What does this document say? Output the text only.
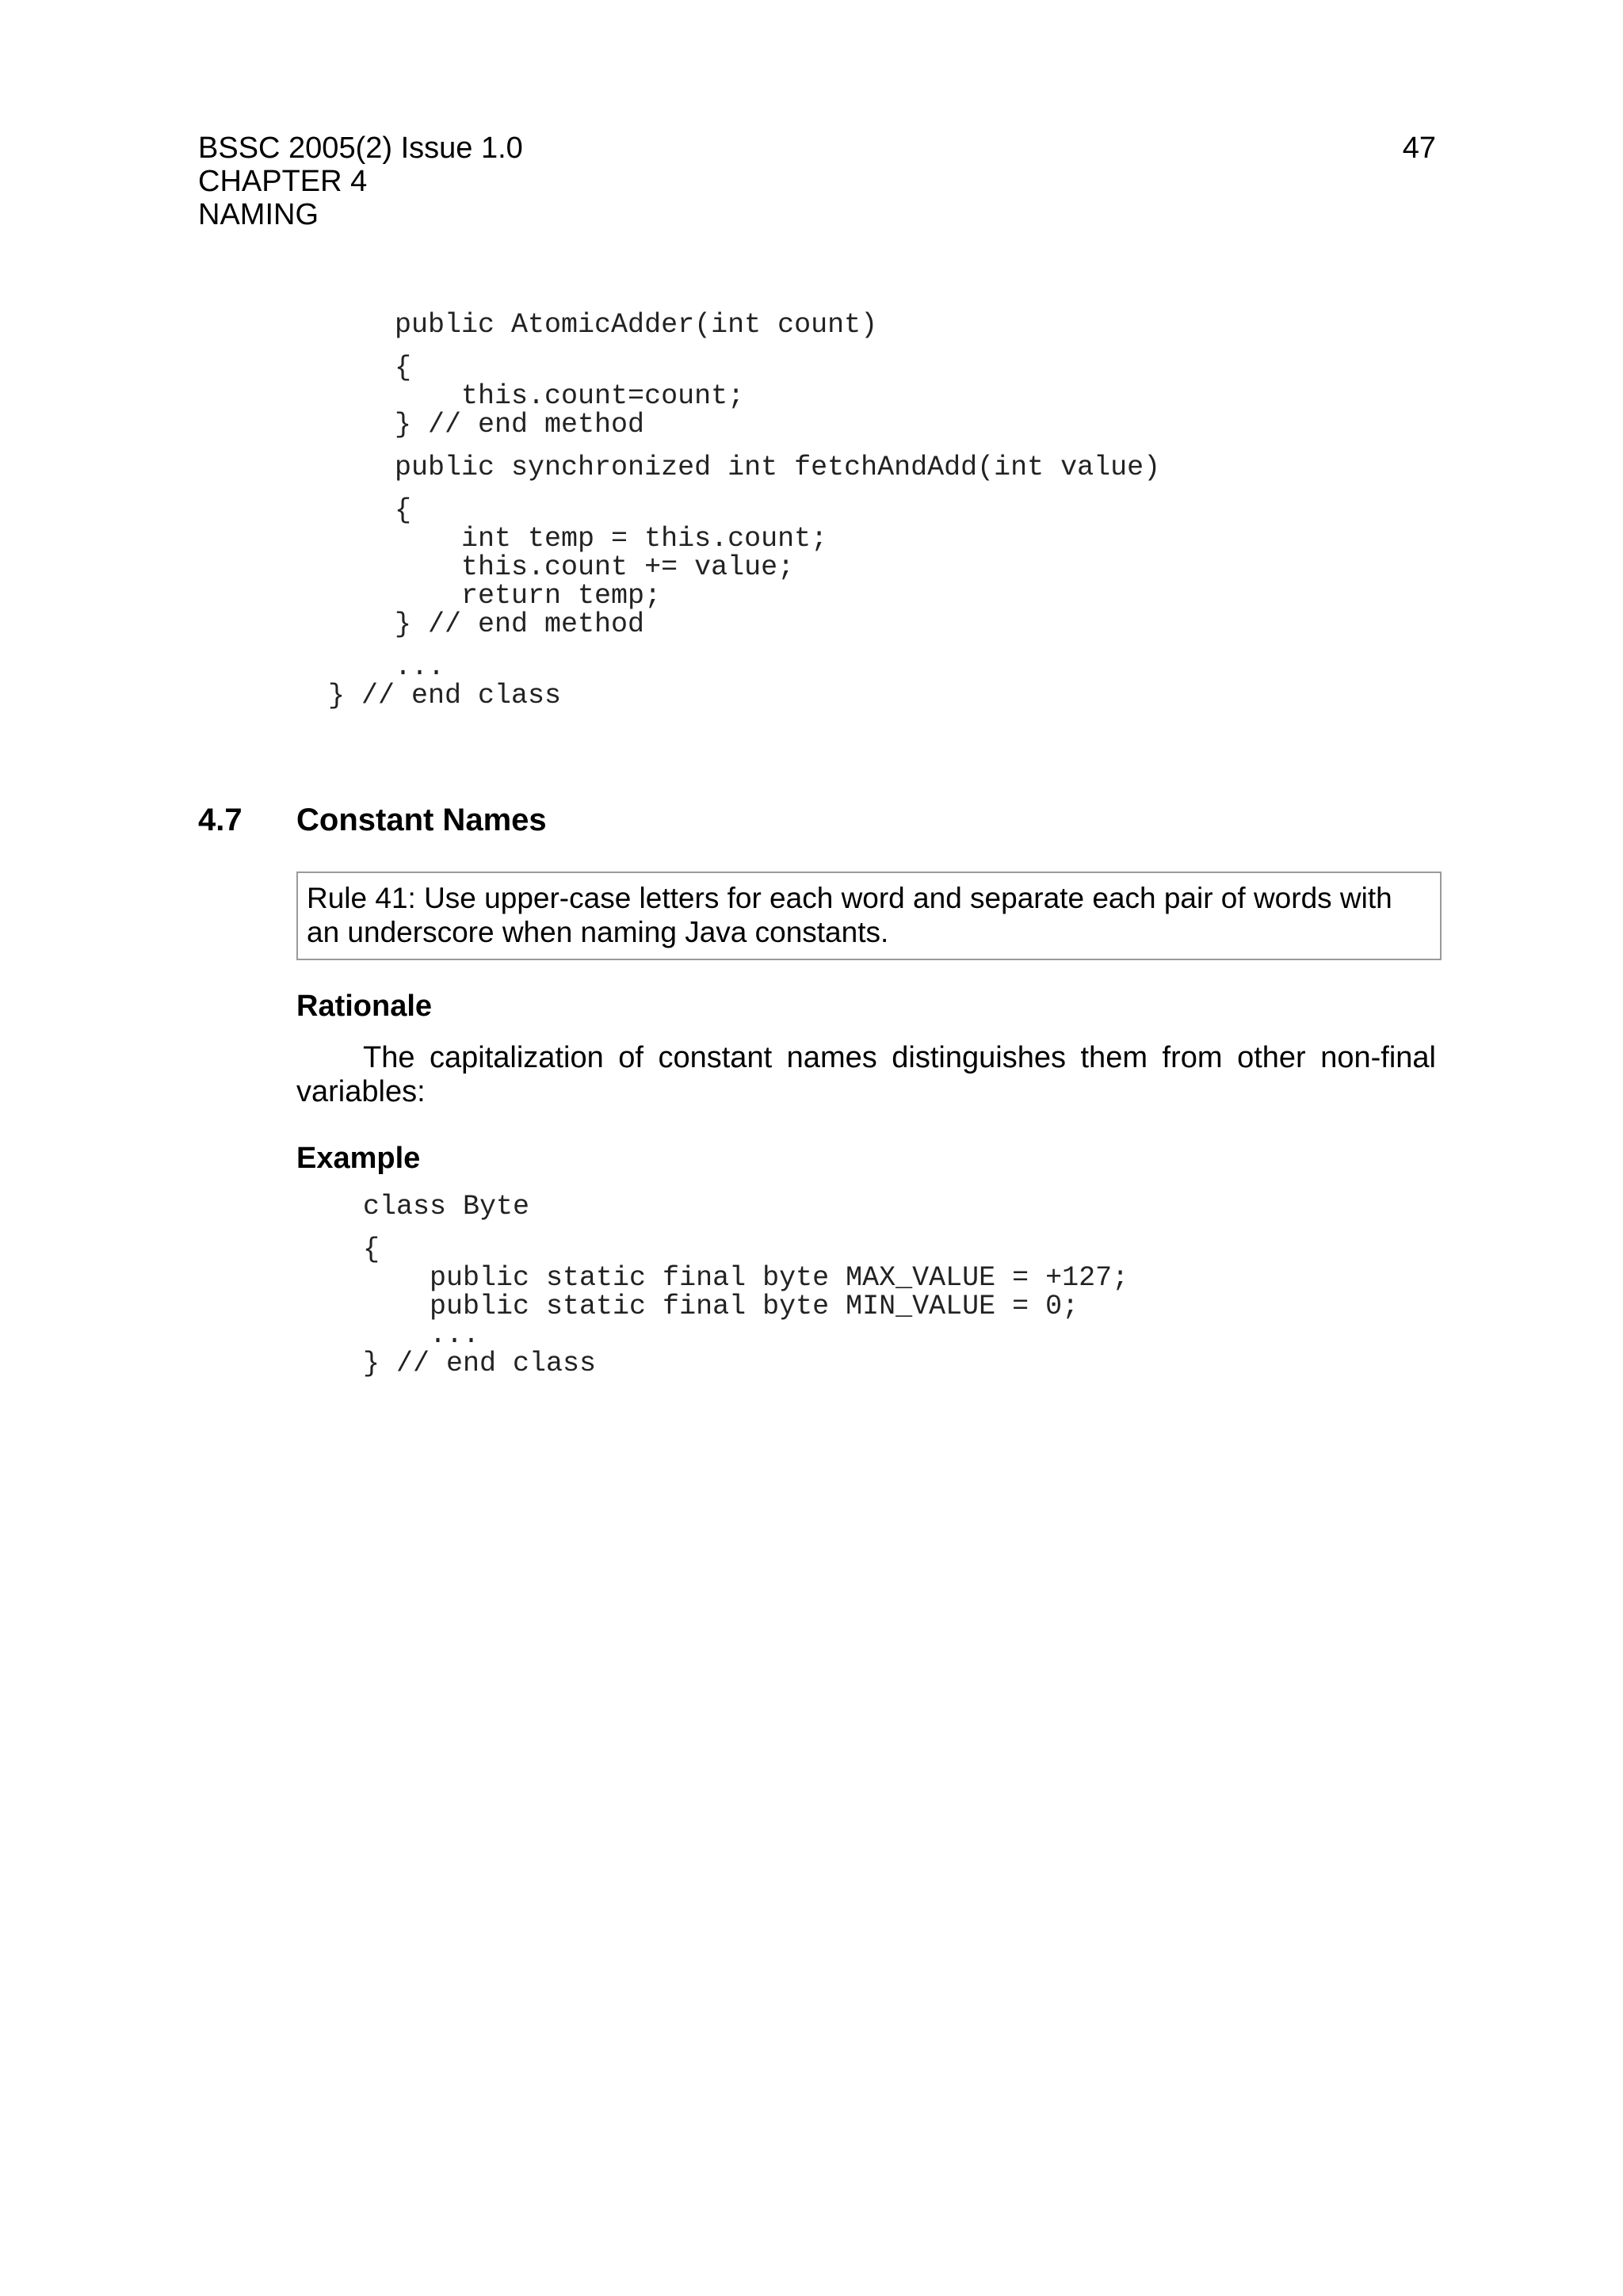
BSSC 2005(2) Issue 1.0
CHAPTER 4
NAMING
47
public AtomicAdder(int count)
{
this.count=count;
} // end method
public synchronized int fetchAndAdd(int value)
{
int temp = this.count;
this.count += value;
return temp;
} // end method
...
} // end class
4.7 Constant Names
Rule 41: Use upper-case letters for each word and separate each pair of words with an underscore when naming Java constants.
Rationale

The capitalization of constant names distinguishes them from other non-final variables:

Example
class Byte
{
public static final byte MAX_VALUE = +127;
public static final byte MIN_VALUE = 0;
...
} // end class
